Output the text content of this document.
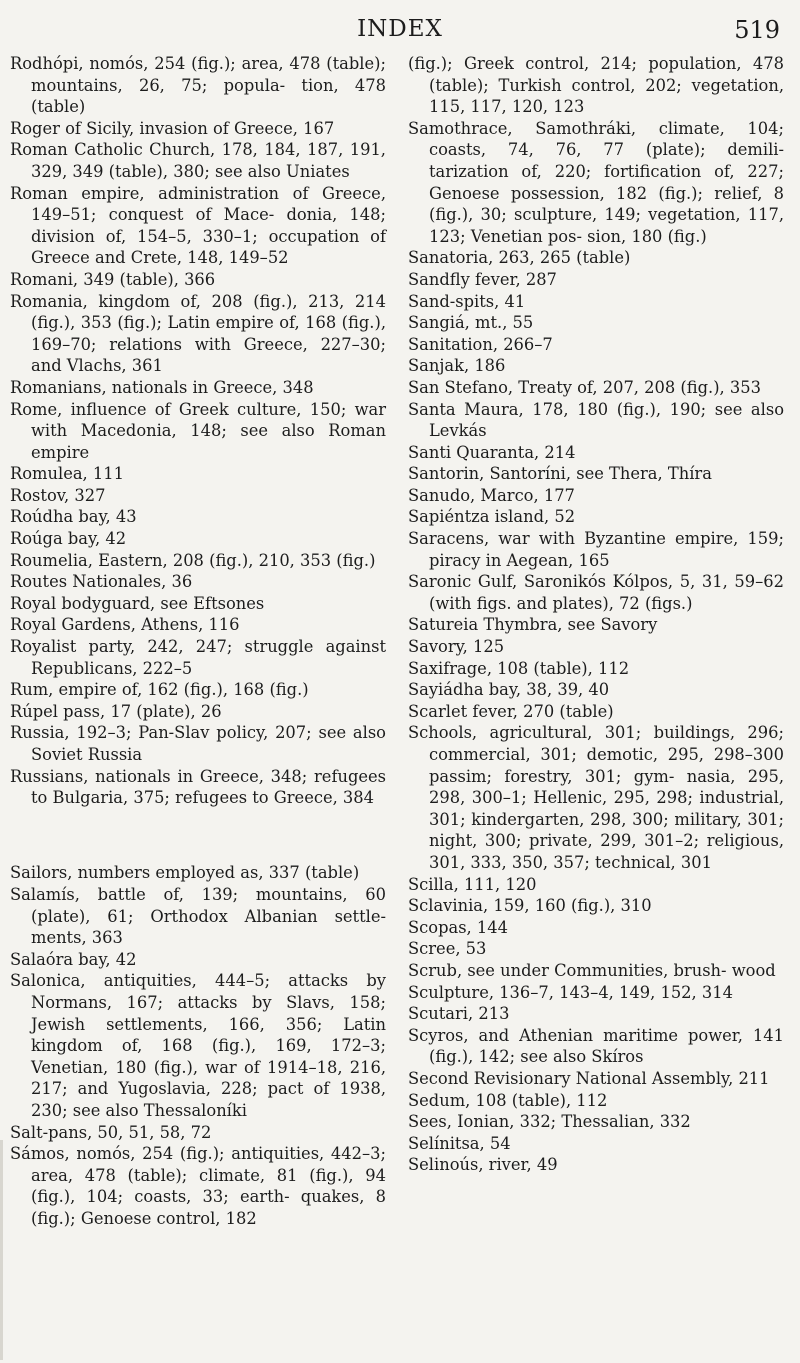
INDEX	519

Rodhópi, nomós, 254 (fig.); area, 478 (table); mountains, 26, 75; popula- tion, 478 (table)

Roger of Sicily, invasion of Greece, 167

Roman Catholic Church, 178, 184, 187, 191, 329, 349 (table), 380; see also Uniates

Roman empire, administration of Greece, 149–51; conquest of Mace- donia, 148; division of, 154–5, 330–1; occupation of Greece and Crete, 148, 149–52

Romani, 349 (table), 366

Romania, kingdom of, 208 (fig.), 213, 214 (fig.), 353 (fig.); Latin empire of, 168 (fig.), 169–70; relations with Greece, 227–30; and Vlachs, 361

Romanians, nationals in Greece, 348

Rome, influence of Greek culture, 150; war with Macedonia, 148; see also Roman empire

Romulea, 111

Rostov, 327

Roúdha bay, 43

Roúga bay, 42

Roumelia, Eastern, 208 (fig.), 210, 353 (fig.)

Routes Nationales, 36

Royal bodyguard, see Eftsones

Royal Gardens, Athens, 116

Royalist party, 242, 247; struggle against Republicans, 222–5

Rum, empire of, 162 (fig.), 168 (fig.)

Rúpel pass, 17 (plate), 26

Russia, 192–3; Pan-Slav policy, 207; see also Soviet Russia

Russians, nationals in Greece, 348; refugees to Bulgaria, 375; refugees to Greece, 384

Sailors, numbers employed as, 337 (table)

Salamís, battle of, 139; mountains, 60 (plate), 61; Orthodox Albanian settle- ments, 363

Salaóra bay, 42

Salonica, antiquities, 444–5; attacks by Normans, 167; attacks by Slavs, 158; Jewish settlements, 166, 356; Latin kingdom of, 168 (fig.), 169, 172–3; Venetian, 180 (fig.), war of 1914–18, 216, 217; and Yugoslavia, 228; pact of 1938, 230; see also Thessaloníki

Salt-pans, 50, 51, 58, 72

Sámos, nomós, 254 (fig.); antiquities, 442–3; area, 478 (table); climate, 81 (fig.), 94 (fig.), 104; coasts, 33; earth- quakes, 8 (fig.); Genoese control, 182

(fig.); Greek control, 214; population, 478 (table); Turkish control, 202; vegetation, 115, 117, 120, 123

Samothrace, Samothráki, climate, 104; coasts, 74, 76, 77 (plate); demili- tarization of, 220; fortification of, 227; Genoese possession, 182 (fig.); relief, 8 (fig.), 30; sculpture, 149; vegetation, 117, 123; Venetian pos- sion, 180 (fig.)

Sanatoria, 263, 265 (table)

Sandfly fever, 287

Sand-spits, 41

Sangiá, mt., 55

Sanitation, 266–7

Sanjak, 186

San Stefano, Treaty of, 207, 208 (fig.), 353

Santa Maura, 178, 180 (fig.), 190; see also Levkás

Santi Quaranta, 214

Santorin, Santoríni, see Thera, Thíra

Sanudo, Marco, 177

Sapiéntza island, 52

Saracens, war with Byzantine empire, 159; piracy in Aegean, 165

Saronic Gulf, Saronikós Kólpos, 5, 31, 59–62 (with figs. and plates), 72 (figs.)

Satureia Thymbra, see Savory

Savory, 125

Saxifrage, 108 (table), 112

Sayiádha bay, 38, 39, 40

Scarlet fever, 270 (table)

Schools, agricultural, 301; buildings, 296; commercial, 301; demotic, 295, 298–300 passim; forestry, 301; gym- nasia, 295, 298, 300–1; Hellenic, 295, 298; industrial, 301; kindergarten, 298, 300; military, 301; night, 300; private, 299, 301–2; religious, 301, 333, 350, 357; technical, 301

Scilla, 111, 120

Sclavinia, 159, 160 (fig.), 310

Scopas, 144

Scree, 53

Scrub, see under Communities, brush- wood

Sculpture, 136–7, 143–4, 149, 152, 314

Scutari, 213

Scyros, and Athenian maritime power, 141 (fig.), 142; see also Skíros

Second Revisionary National Assembly, 211

Sedum, 108 (table), 112

Sees, Ionian, 332; Thessalian, 332

Selínitsa, 54

Selinoús, river, 49
